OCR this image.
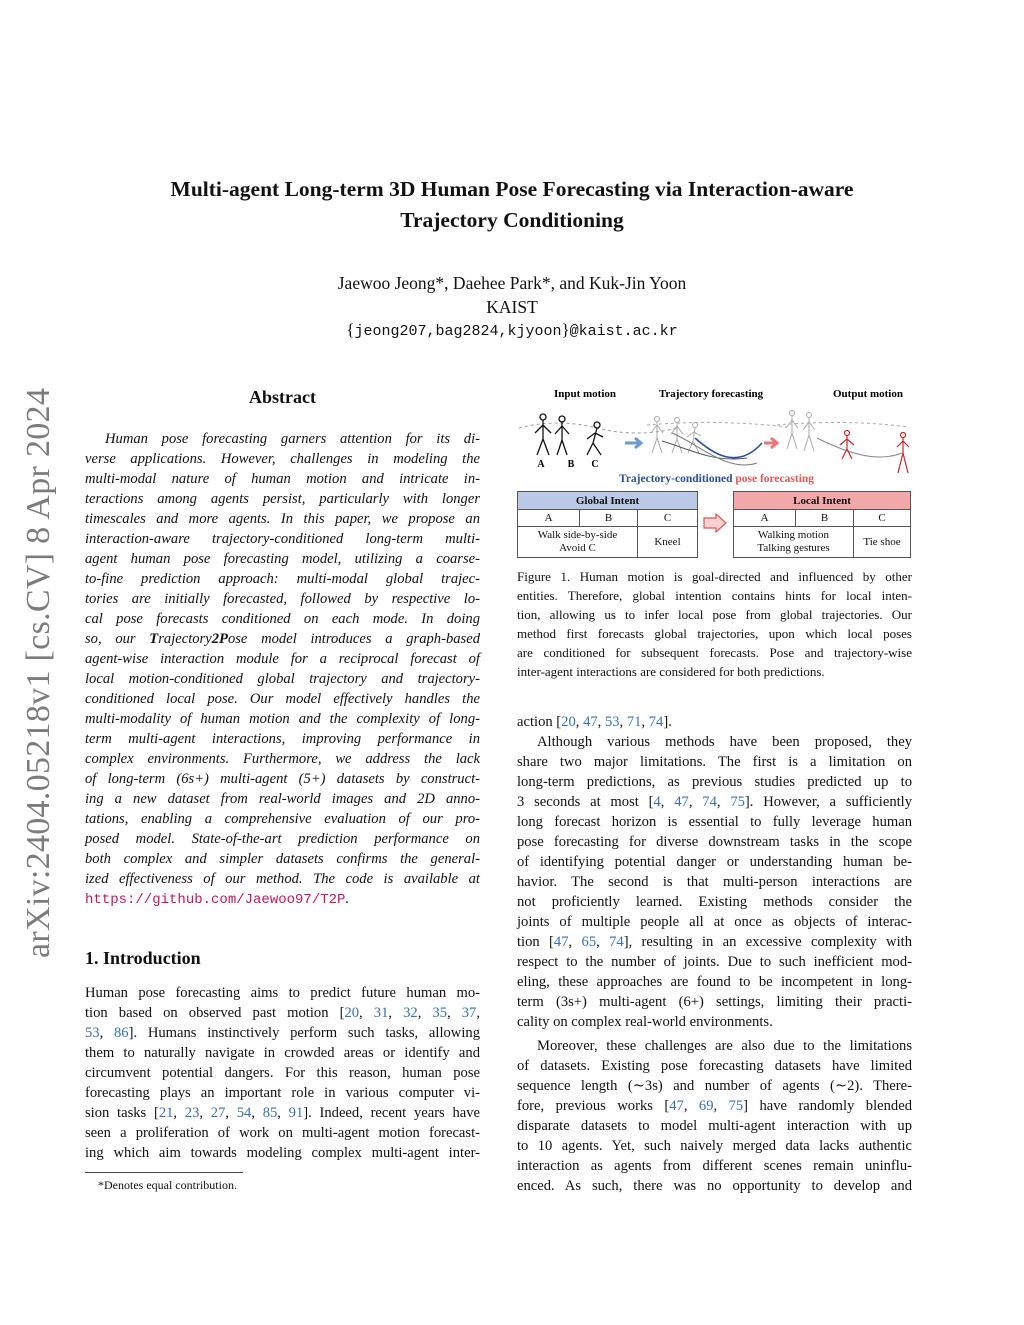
Multi-agent Long-term 3D Human Pose Forecasting via Interaction-aware
Trajectory Conditioning
Jaewoo Jeong*, Daehee Park*, and Kuk-Jin Yoon
KAIST
{jeong207,bag2824,kjyoon}@kaist.ac.kr
arXiv:2404.05218v1 [cs.CV] 8 Apr 2024	Abstract
Human pose forecasting garners attention for its di-
verse applications. However, challenges in modeling the
multi-modal nature of human motion and intricate in-
teractions among agents persist, particularly with longer
timescales and more agents. In this paper, we propose an
interaction-aware trajectory-conditioned long-term multi-
agent human pose forecasting model, utilizing a coarse-
to-fine prediction approach: multi-modal global trajec-
tories are initially forecasted, followed by respective lo-
cal pose forecasts conditioned on each mode. In doing
so, our Trajectory2Pose model introduces a graph-based
agent-wise interaction module for a reciprocal forecast of
local motion-conditioned global trajectory and trajectory-
conditioned local pose. Our model effectively handles the
multi-modality of human motion and the complexity of long-
term multi-agent interactions, improving performance in
complex environments. Furthermore, we address the lack
of long-term (6s+) multi-agent (5+) datasets by construct-
ing a new dataset from real-world images and 2D anno-
tations, enabling a comprehensive evaluation of our pro-
posed model. State-of-the-art prediction performance on
both complex and simpler datasets confirms the general-
ized effectiveness of our method. The code is available at
https://github.com/Jaewoo97/T2P.
1. Introduction
Human pose forecasting aims to predict future human mo-
tion based on observed past motion [20, 31, 32, 35, 37,
53, 86]. Humans instinctively perform such tasks, allowing
them to naturally navigate in crowded areas or identify and
circumvent potential dangers. For this reason, human pose
forecasting plays an important role in various computer vi-
sion tasks [21, 23, 27, 54, 85, 91]. Indeed, recent years have
seen a proliferation of work on multi-agent motion forecast-
ing which aim towards modeling complex multi-agent inter-
*Denotes equal contribution.
Input motion	Trajectory forecasting	Output motion
A B C
Trajectory-conditioned pose forecasting
Global Intent		
A	B	C

Walk side-by-side
Avoid C		Kneel
Local Intent		
A	B	C

Walking motion
Talking gestures		Tie shoe
Figure 1. Human motion is goal-directed and influenced by other
entities. Therefore, global intention contains hints for local inten-
tion, allowing us to infer local pose from global trajectories. Our
method first forecasts global trajectories, upon which local poses
are conditioned for subsequent forecasts. Pose and trajectory-wise
inter-agent interactions are considered for both predictions.
action [20, 47, 53, 71, 74].
Although various methods have been proposed, they
share two major limitations. The first is a limitation on
long-term predictions, as previous studies predicted up to
3 seconds at most [4, 47, 74, 75]. However, a sufficiently
long forecast horizon is essential to fully leverage human
pose forecasting for diverse downstream tasks in the scope
of identifying potential danger or understanding human be-
havior. The second is that multi-person interactions are
not proficiently learned. Existing methods consider the
joints of multiple people all at once as objects of interac-
tion [47, 65, 74], resulting in an excessive complexity with
respect to the number of joints. Due to such inefficient mod-
eling, these approaches are found to be incompetent in long-
term (3s+) multi-agent (6+) settings, limiting their practi-
cality on complex real-world environments.
Moreover, these challenges are also due to the limitations
of datasets. Existing pose forecasting datasets have limited
sequence length (∼3s) and number of agents (∼2). There-
fore, previous works [47, 69, 75] have randomly blended
disparate datasets to model multi-agent interaction with up
to 10 agents. Yet, such naively merged data lacks authentic
interaction as agents from different scenes remain uninflu-
enced. As such, there was no opportunity to develop and
